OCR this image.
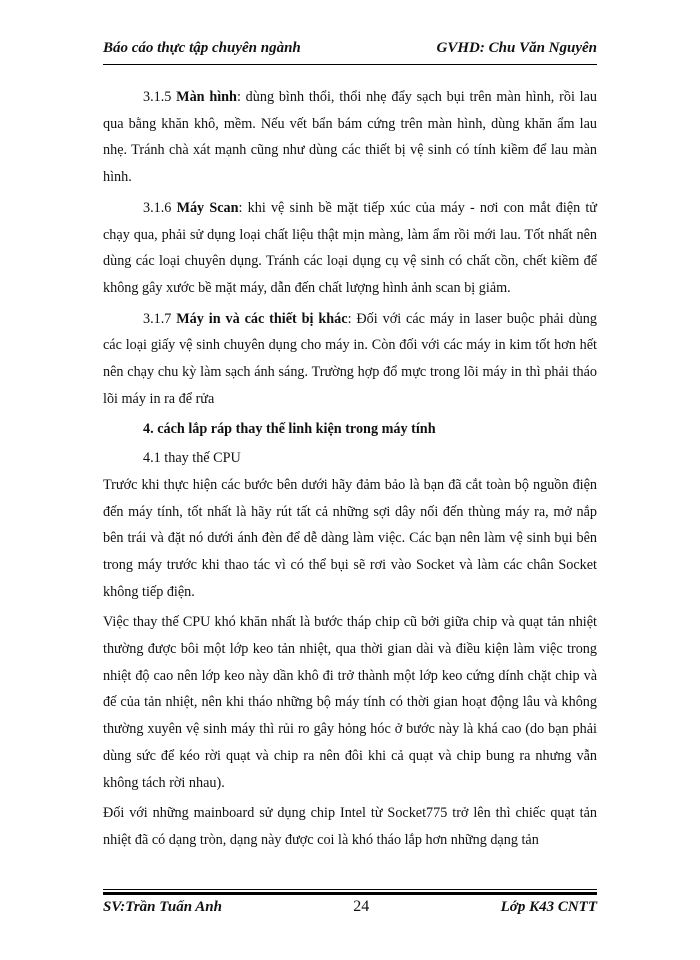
Báo cáo thực tập chuyên ngành	GVHD: Chu Văn Nguyên

3.1.5 Màn hình: dùng bình thổi, thổi nhẹ đẩy sạch bụi trên màn hình, rồi lau qua bằng khăn khô, mềm. Nếu vết bẩn bám cứng trên màn hình, dùng khăn ẩm lau nhẹ. Tránh chà xát mạnh cũng như dùng các thiết bị vệ sinh có tính kiềm để lau màn hình.

3.1.6 Máy Scan: khi vệ sinh bề mặt tiếp xúc của máy - nơi con mắt điện tử chạy qua, phải sử dụng loại chất liệu thật mịn màng, làm ẩm rồi mới lau. Tốt nhất nên dùng các loại chuyên dụng. Tránh các loại dụng cụ vệ sinh có chất cồn, chết kiềm để không gây xước bề mặt máy, dẫn đến chất lượng hình ảnh scan bị giảm.

3.1.7 Máy in và các thiết bị khác: Đối với các máy in laser buộc phải dùng các loại giấy vệ sinh chuyên dụng cho máy in. Còn đối với các máy in kim tốt hơn hết nên chạy chu kỳ làm sạch ánh sáng. Trường hợp đổ mực trong lõi máy in thì phải tháo lõi máy in ra để rửa

4. cách lắp ráp thay thế linh kiện trong máy tính

4.1 thay thế CPU

Trước khi thực hiện các bước bên dưới hãy đảm bảo là bạn đã cắt toàn bộ nguồn điện đến máy tính, tốt nhất là hãy rút tất cả những sợi dây nối đến thùng máy ra, mở nắp bên trái và đặt nó dưới ánh đèn để dễ dàng làm việc. Các bạn nên làm vệ sinh bụi bên trong máy trước khi thao tác vì có thể bụi sẽ rơi vào Socket và làm các chân Socket không tiếp điện.

Việc thay thế CPU khó khăn nhất là bước tháp chip cũ bởi giữa chip và quạt tản nhiệt thường được bôi một lớp keo tản nhiệt, qua thời gian dài và điều kiện làm việc trong nhiệt độ cao nên lớp keo này dần khô đi trở thành một lớp keo cứng dính chặt chip và đế của tản nhiệt, nên khi tháo những bộ máy tính có thời gian hoạt động lâu và không thường xuyên vệ sinh máy thì rủi ro gây hỏng hóc ở bước này là khá cao (do bạn phải dùng sức để kéo rời quạt và chip ra nên đôi khi cả quạt và chip bung ra nhưng vẫn không tách rời nhau).

Đối với những mainboard sử dụng chip Intel từ Socket775 trở lên thì chiếc quạt tản nhiệt đã có dạng tròn, dạng này được coi là khó tháo lắp hơn những dạng tản

SV:Trần Tuấn Anh	24	Lớp K43 CNTT
